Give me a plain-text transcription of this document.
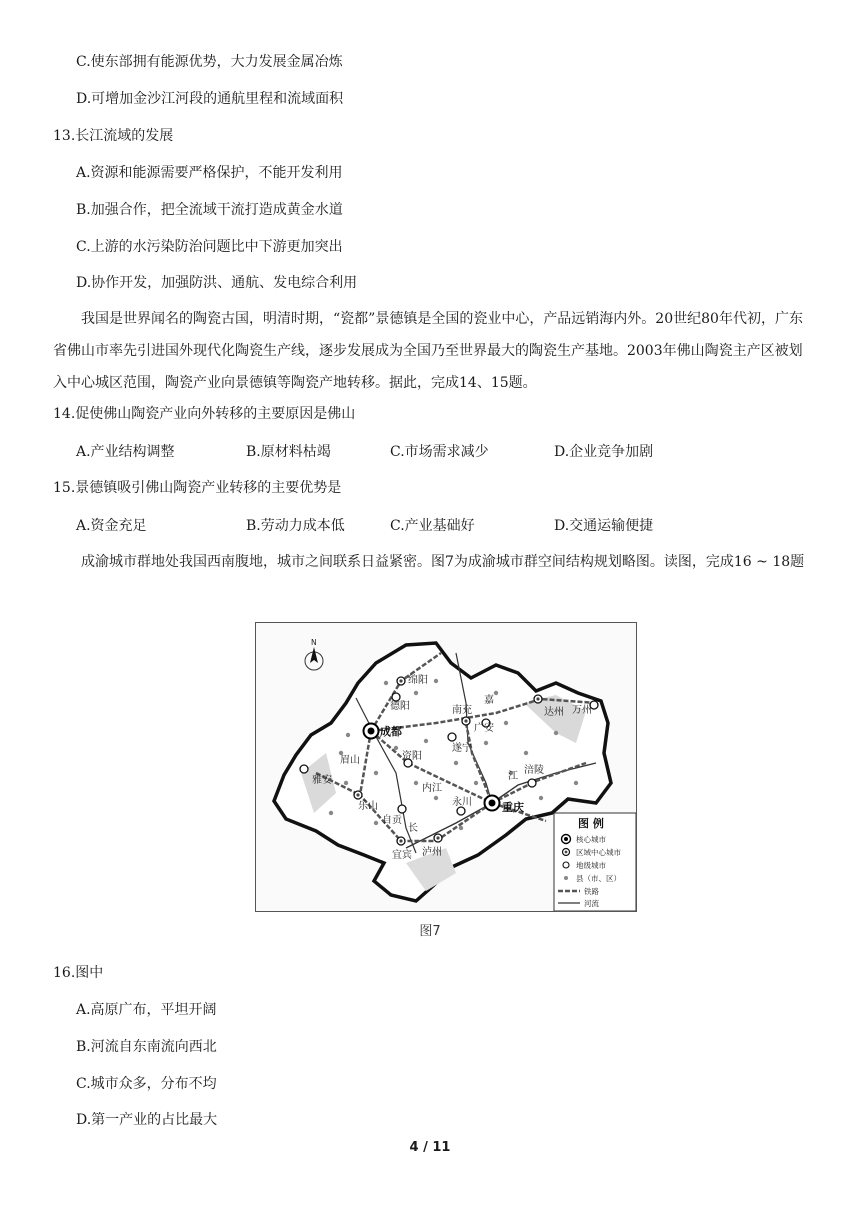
C.使东部拥有能源优势，大力发展金属冶炼
D.可增加金沙江河段的通航里程和流域面积
13.长江流域的发展
A.资源和能源需要严格保护，不能开发利用
B.加强合作，把全流域干流打造成黄金水道
C.上游的水污染防治问题比中下游更加突出
D.协作开发，加强防洪、通航、发电综合利用
我国是世界闻名的陶瓷古国，明清时期，“瓷都”景德镇是全国的瓷业中心，产品远销海内外。20世纪80年代初，广东省佛山市率先引进国外现代化陶瓷生产线，逐步发展成为全国乃至世界最大的陶瓷生产基地。2003年佛山陶瓷主产区被划入中心城区范围，陶瓷产业向景德镇等陶瓷产地转移。据此，完成14、15题。
14.促使佛山陶瓷产业向外转移的主要原因是佛山
A.产业结构调整	B.原材料枯竭	C.市场需求减少	D.企业竞争加剧
15.景德镇吸引佛山陶瓷产业转移的主要优势是
A.资金充足	B.劳动力成本低	C.产业基础好	D.交通运输便捷
成渝城市群地处我国西南腹地，城市之间联系日益紧密。图7为成渝城市群空间结构规划略图。读图，完成16 ~ 18题
N
绵阳
德阳
成都
南充
嘉
达州 万州
广安
遂宁
眉山
雅安
资阳
乐山
内江
永川
江
涪陵
重庆
自贡
长
宜宾 泸州
图 例
核心城市
区域中心城市
地级城市
县（市、区）
铁路
河流
图7
16.图中
A.高原广布，平坦开阔
B.河流自东南流向西北
C.城市众多，分布不均
D.第一产业的占比最大
4 / 11
